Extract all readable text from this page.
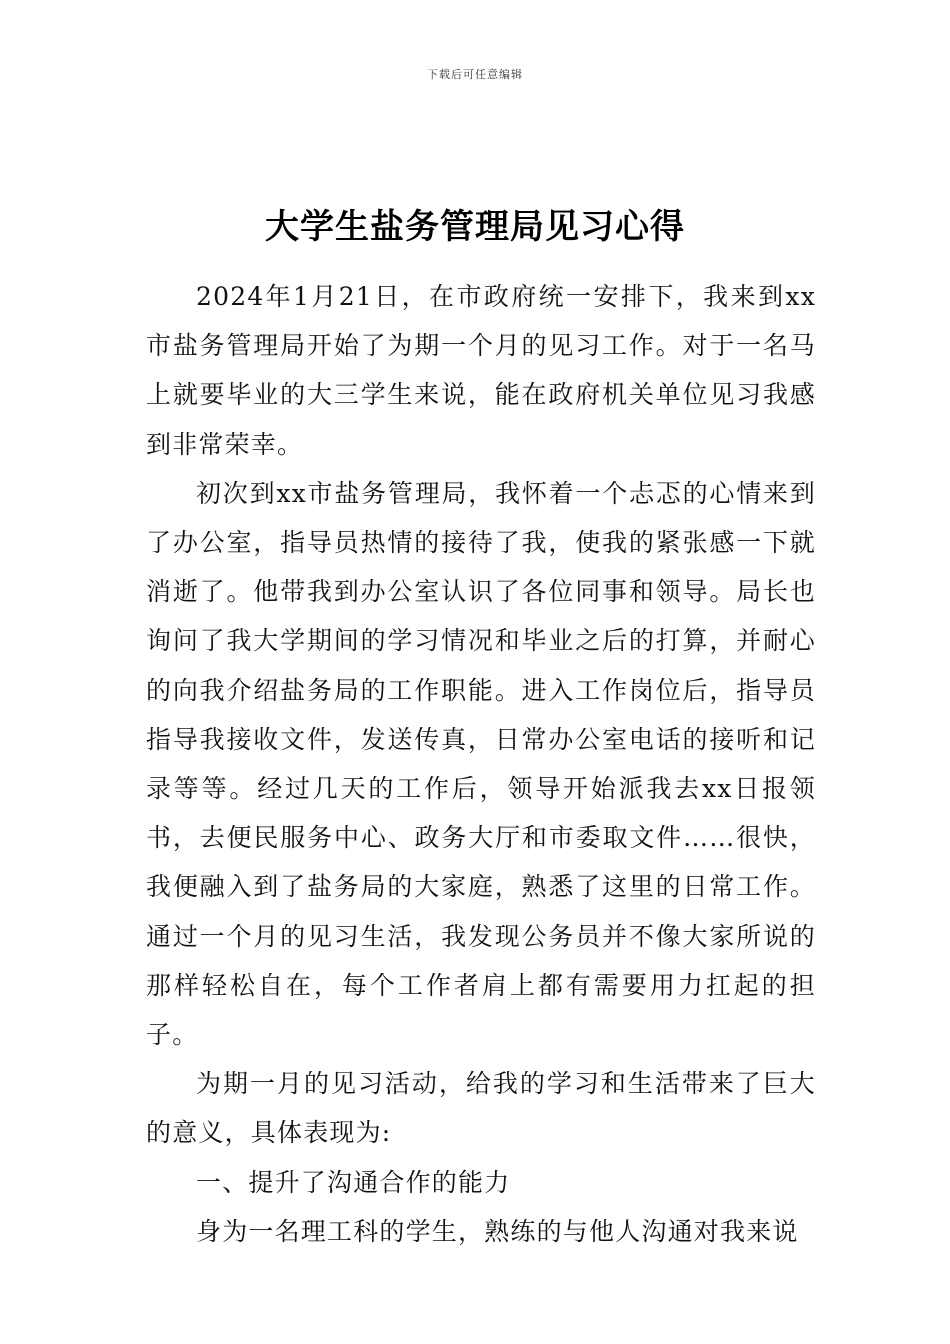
下载后可任意编辑
大学生盐务管理局见习心得

2024年1月21日，在市政府统一安排下，我来到xx市盐务管理局开始了为期一个月的见习工作。对于一名马上就要毕业的大三学生来说，能在政府机关单位见习我感到非常荣幸。

初次到xx市盐务管理局，我怀着一个忐忑的心情来到了办公室，指导员热情的接待了我，使我的紧张感一下就消逝了。他带我到办公室认识了各位同事和领导。局长也询问了我大学期间的学习情况和毕业之后的打算，并耐心的向我介绍盐务局的工作职能。进入工作岗位后，指导员指导我接收文件，发送传真，日常办公室电话的接听和记录等等。经过几天的工作后，领导开始派我去xx日报领书，去便民服务中心、政务大厅和市委取文件……很快，我便融入到了盐务局的大家庭，熟悉了这里的日常工作。通过一个月的见习生活，我发现公务员并不像大家所说的那样轻松自在，每个工作者肩上都有需要用力扛起的担子。

为期一月的见习活动，给我的学习和生活带来了巨大的意义，具体表现为:

一、提升了沟通合作的能力

身为一名理工科的学生，熟练的与他人沟通对我来说
